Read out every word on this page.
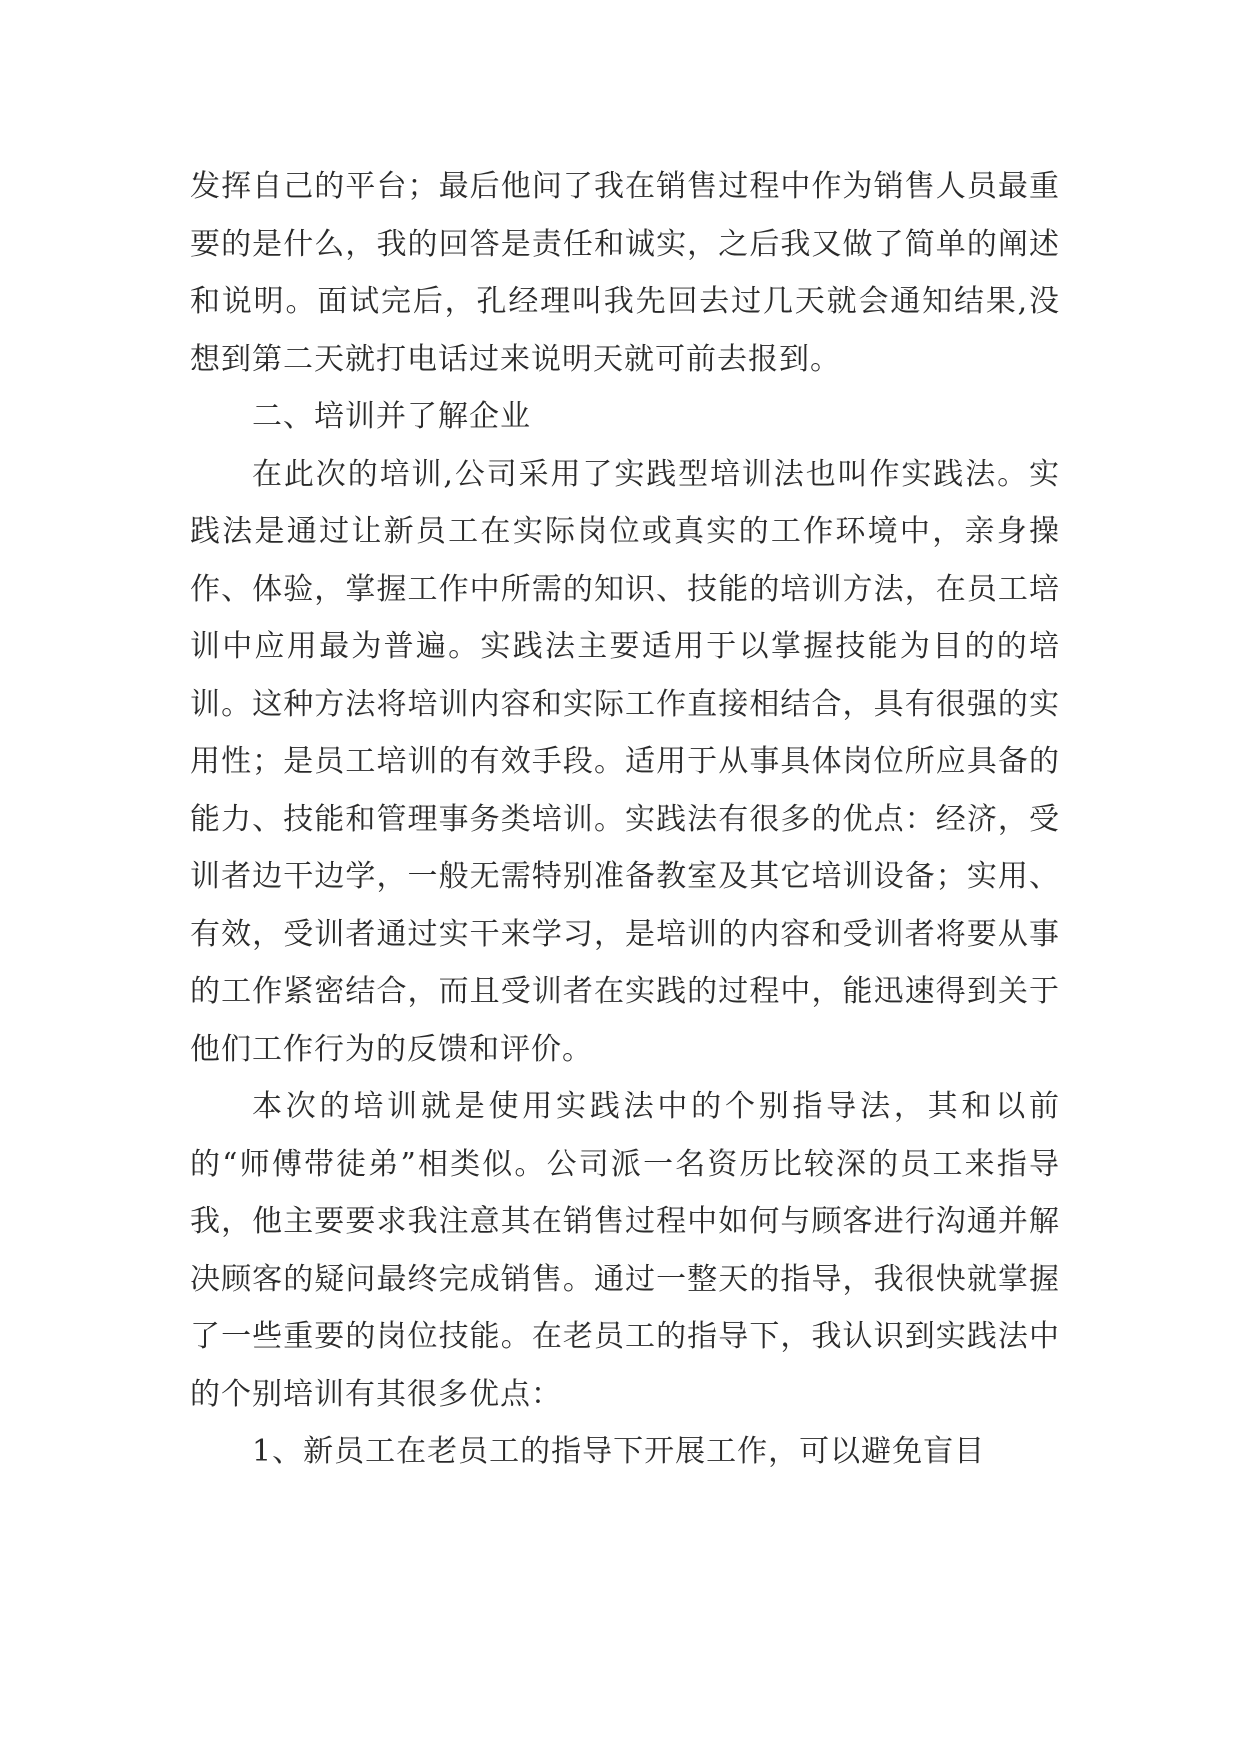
发挥自己的平台；最后他问了我在销售过程中作为销售人员最重要的是什么，我的回答是责任和诚实，之后我又做了简单的阐述和说明。面试完后，孔经理叫我先回去过几天就会通知结果,没想到第二天就打电话过来说明天就可前去报到。

二、培训并了解企业

在此次的培训,公司采用了实践型培训法也叫作实践法。实践法是通过让新员工在实际岗位或真实的工作环境中，亲身操作、体验，掌握工作中所需的知识、技能的培训方法，在员工培训中应用最为普遍。实践法主要适用于以掌握技能为目的的培训。这种方法将培训内容和实际工作直接相结合，具有很强的实用性；是员工培训的有效手段。适用于从事具体岗位所应具备的能力、技能和管理事务类培训。实践法有很多的优点：经济，受训者边干边学，一般无需特别准备教室及其它培训设备；实用、有效，受训者通过实干来学习，是培训的内容和受训者将要从事的工作紧密结合，而且受训者在实践的过程中，能迅速得到关于他们工作行为的反馈和评价。

本次的培训就是使用实践法中的个别指导法，其和以前的“师傅带徒弟”相类似。公司派一名资历比较深的员工来指导我，他主要要求我注意其在销售过程中如何与顾客进行沟通并解决顾客的疑问最终完成销售。通过一整天的指导，我很快就掌握了一些重要的岗位技能。在老员工的指导下，我认识到实践法中的个别培训有其很多优点：

1、新员工在老员工的指导下开展工作，可以避免盲目
